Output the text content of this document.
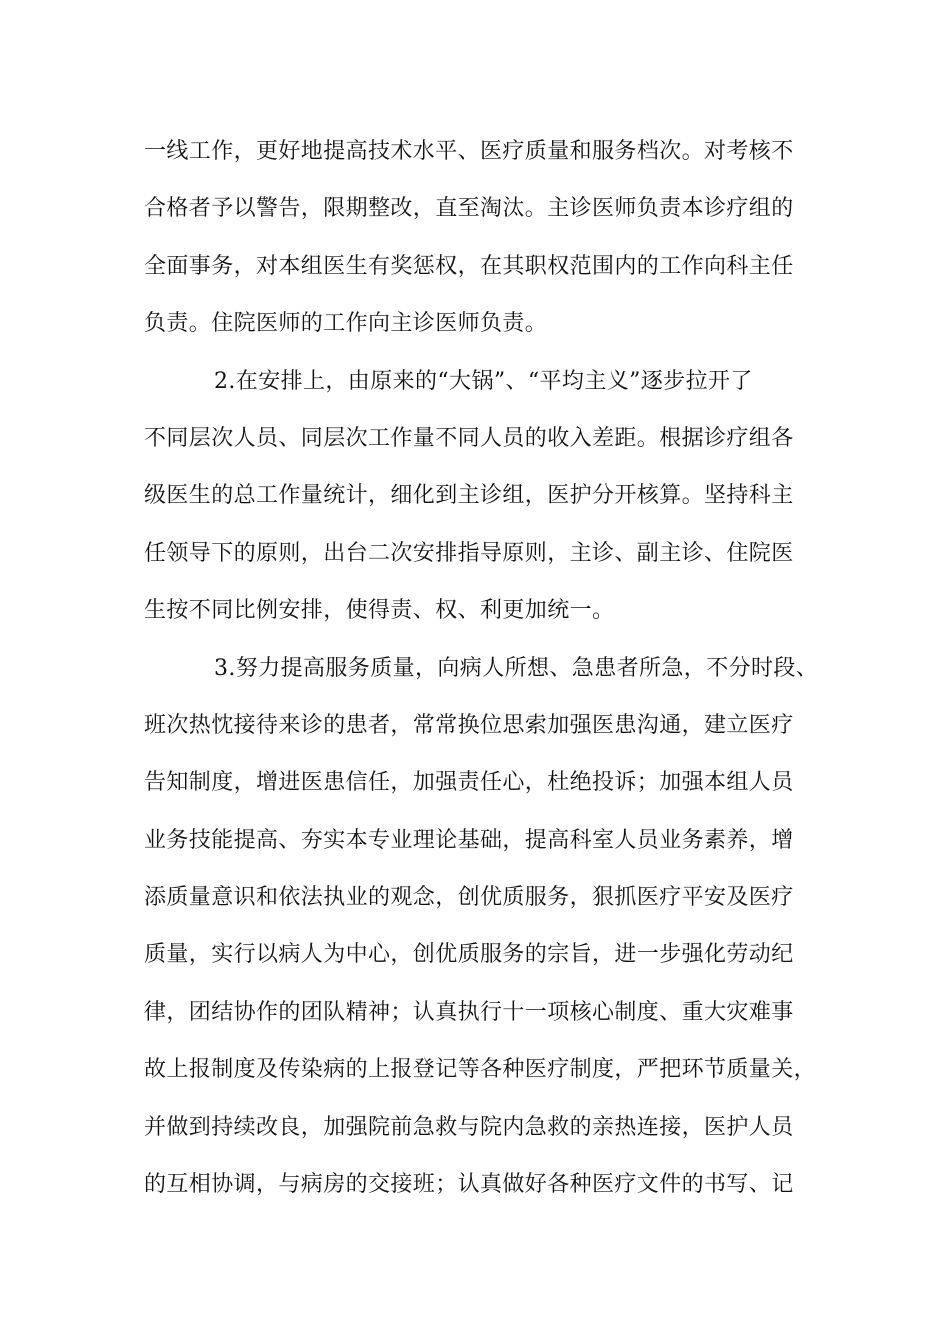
一线工作，更好地提高技术水平、医疗质量和服务档次。对考核不
合格者予以警告，限期整改，直至淘汰。主诊医师负责本诊疗组的
全面事务，对本组医生有奖惩权，在其职权范围内的工作向科主任
负责。住院医师的工作向主诊医师负责。
2.在安排上，由原来的“大锅”、“平均主义”逐步拉开了
不同层次人员、同层次工作量不同人员的收入差距。根据诊疗组各
级医生的总工作量统计，细化到主诊组，医护分开核算。坚持科主
任领导下的原则，出台二次安排指导原则，主诊、副主诊、住院医
生按不同比例安排，使得责、权、利更加统一。
3.努力提高服务质量，向病人所想、急患者所急，不分时段、
班次热忱接待来诊的患者，常常换位思索加强医患沟通，建立医疗
告知制度，增进医患信任，加强责任心，杜绝投诉；加强本组人员
业务技能提高、夯实本专业理论基础，提高科室人员业务素养，增
添质量意识和依法执业的观念，创优质服务，狠抓医疗平安及医疗
质量，实行以病人为中心，创优质服务的宗旨，进一步强化劳动纪
律，团结协作的团队精神；认真执行十一项核心制度、重大灾难事
故上报制度及传染病的上报登记等各种医疗制度，严把环节质量关，
并做到持续改良，加强院前急救与院内急救的亲热连接，医护人员
的互相协调，与病房的交接班；认真做好各种医疗文件的书写、记
